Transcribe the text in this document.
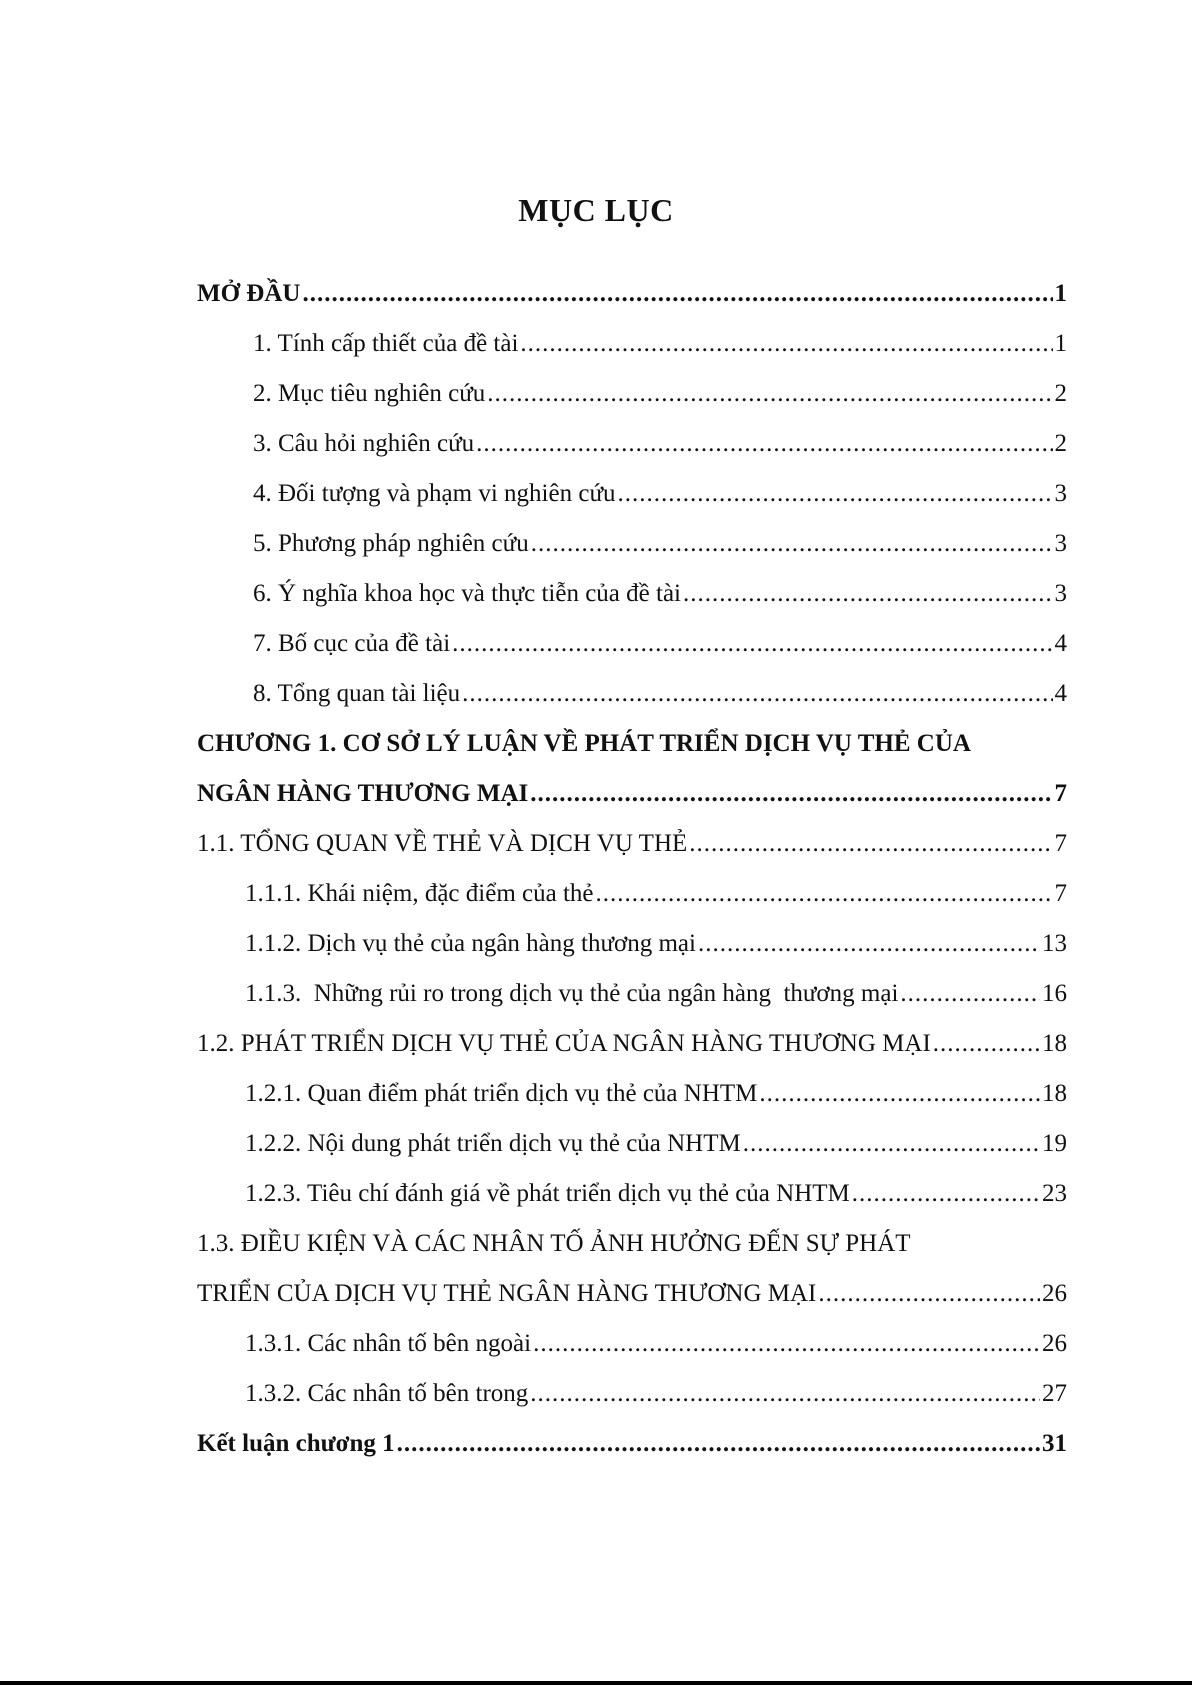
MỤC LỤC
MỞ ĐẦU .....	1
1. Tính cấp thiết của đề tài .....	1
2. Mục tiêu nghiên cứu .....	2
3. Câu hỏi nghiên cứu .....	2
4. Đối tượng và phạm vi nghiên cứu .....	3
5. Phương pháp nghiên cứu .....	3
6. Ý nghĩa khoa học và thực tiễn của đề tài .....	3
7. Bố cục của đề tài .....	4
8. Tổng quan tài liệu .....	4
CHƯƠNG 1. CƠ SỞ LÝ LUẬN VỀ PHÁT TRIỂN DỊCH VỤ THẺ CỦA
NGÂN HÀNG THƯƠNG MẠI .....	7
1.1. TỔNG QUAN VỀ THẺ VÀ DỊCH VỤ THẺ .....	7
1.1.1. Khái niệm, đặc điểm của thẻ .....	7
1.1.2. Dịch vụ thẻ của ngân hàng thương mại .....	13
1.1.3.  Những rủi ro trong dịch vụ thẻ của ngân hàng  thương mại .....	16
1.2. PHÁT TRIỂN DỊCH VỤ THẺ CỦA NGÂN HÀNG THƯƠNG MẠI .....	18
1.2.1. Quan điểm phát triển dịch vụ thẻ của NHTM .....	18
1.2.2. Nội dung phát triển dịch vụ thẻ của NHTM .....	19
1.2.3. Tiêu chí đánh giá về phát triển dịch vụ thẻ của NHTM .....	23
1.3. ĐIỀU KIỆN VÀ CÁC NHÂN TỐ ẢNH HƯỞNG ĐẾN SỰ PHÁT
TRIỂN CỦA DỊCH VỤ THẺ NGÂN HÀNG THƯƠNG MẠI .....	26
1.3.1. Các nhân tố bên ngoài .....	26
1.3.2. Các nhân tố bên trong .....	27
Kết luận chương 1 .....	31
